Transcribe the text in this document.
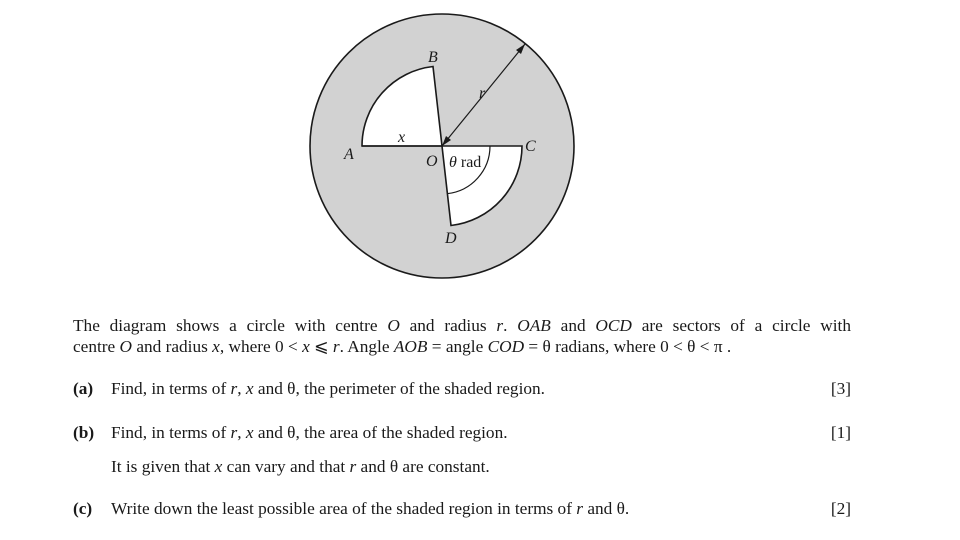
A
B
C
D
O
x
r
θ rad
The diagram shows a circle with centre O and radius r. OAB and OCD are sectors of a circle with
centre O and radius x, where 0 < x ⩽ r. Angle AOB = angle COD = θ radians, where 0 < θ < π .
(a) Find, in terms of r, x and θ, the perimeter of the shaded region.	[3]
(b) Find, in terms of r, x and θ, the area of the shaded region.	[1]
It is given that x can vary and that r and θ are constant.
(c) Write down the least possible area of the shaded region in terms of r and θ.	[2]
